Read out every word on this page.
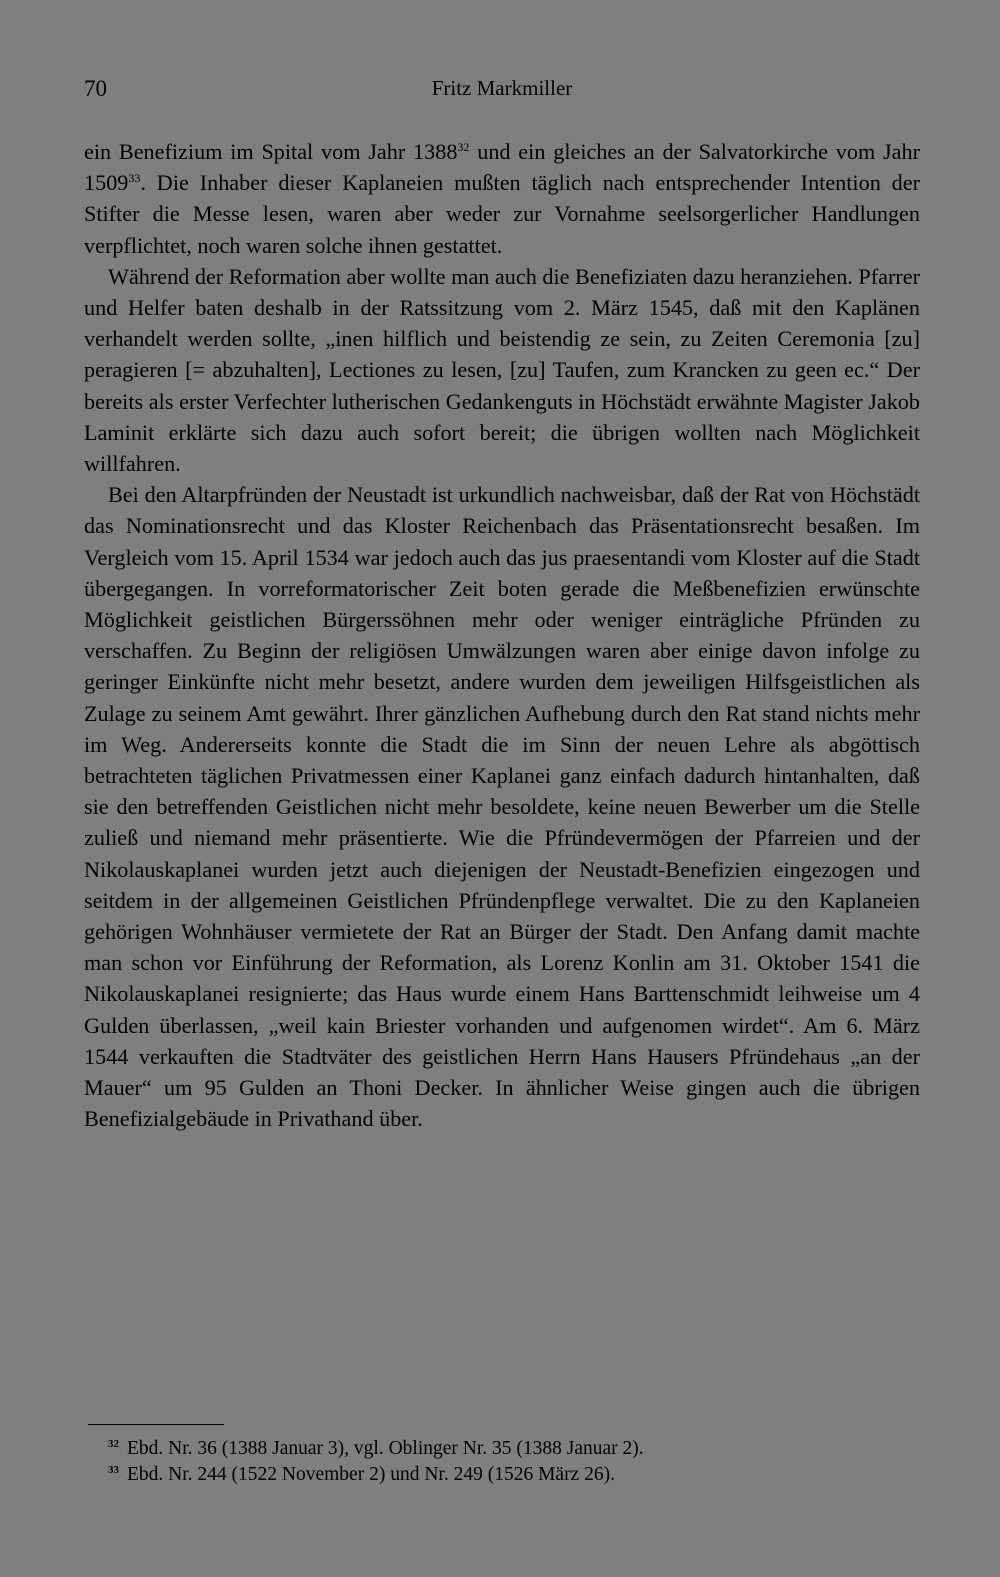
70	Fritz Markmiller

ein Benefizium im Spital vom Jahr 1388$^{32}$ und ein gleiches an der Salvatorkirche vom Jahr 1509$^{33}$. Die Inhaber dieser Kaplaneien mußten täglich nach entsprechender Intention der Stifter die Messe lesen, waren aber weder zur Vornahme seelsorgerlicher Handlungen verpflichtet, noch waren solche ihnen gestattet.

Während der Reformation aber wollte man auch die Benefiziaten dazu heranziehen. Pfarrer und Helfer baten deshalb in der Ratssitzung vom 2. März 1545, daß mit den Kaplänen verhandelt werden sollte, „inen hilflich und beistendig ze sein, zu Zeiten Ceremonia [zu] peragieren [= abzuhalten], Lectiones zu lesen, [zu] Taufen, zum Krancken zu geen ec.“ Der bereits als erster Verfechter lutherischen Gedankenguts in Höchstädt erwähnte Magister Jakob Laminit erklärte sich dazu auch sofort bereit; die übrigen wollten nach Möglichkeit willfahren.

Bei den Altarpfründen der Neustadt ist urkundlich nachweisbar, daß der Rat von Höchstädt das Nominationsrecht und das Kloster Reichenbach das Präsentationsrecht besaßen. Im Vergleich vom 15. April 1534 war jedoch auch das jus praesentandi vom Kloster auf die Stadt übergegangen. In vorreformatorischer Zeit boten gerade die Meßbenefizien erwünschte Möglichkeit geistlichen Bürgerssöhnen mehr oder weniger einträgliche Pfründen zu verschaffen. Zu Beginn der religiösen Umwälzungen waren aber einige davon infolge zu geringer Einkünfte nicht mehr besetzt, andere wurden dem jeweiligen Hilfsgeistlichen als Zulage zu seinem Amt gewährt. Ihrer gänzlichen Aufhebung durch den Rat stand nichts mehr im Weg. Andererseits konnte die Stadt die im Sinn der neuen Lehre als abgöttisch betrachteten täglichen Privatmessen einer Kaplanei ganz einfach dadurch hintanhalten, daß sie den betreffenden Geistlichen nicht mehr besoldete, keine neuen Bewerber um die Stelle zuließ und niemand mehr präsentierte. Wie die Pfründevermögen der Pfarreien und der Nikolauskaplanei wurden jetzt auch diejenigen der Neustadt-Benefizien eingezogen und seitdem in der allgemeinen Geistlichen Pfründenpflege verwaltet. Die zu den Kaplaneien gehörigen Wohnhäuser vermietete der Rat an Bürger der Stadt. Den Anfang damit machte man schon vor Einführung der Reformation, als Lorenz Konlin am 31. Oktober 1541 die Nikolauskaplanei resignierte; das Haus wurde einem Hans Barttenschmidt leihweise um 4 Gulden überlassen, „weil kain Briester vorhanden und aufgenomen wirdet“. Am 6. März 1544 verkauften die Stadtväter des geistlichen Herrn Hans Hausers Pfründehaus „an der Mauer“ um 95 Gulden an Thoni Decker. In ähnlicher Weise gingen auch die übrigen Benefizialgebäude in Privathand über.

$^{32}$ Ebd. Nr. 36 (1388 Januar 3), vgl. Oblinger Nr. 35 (1388 Januar 2).

$^{33}$ Ebd. Nr. 244 (1522 November 2) und Nr. 249 (1526 März 26).
